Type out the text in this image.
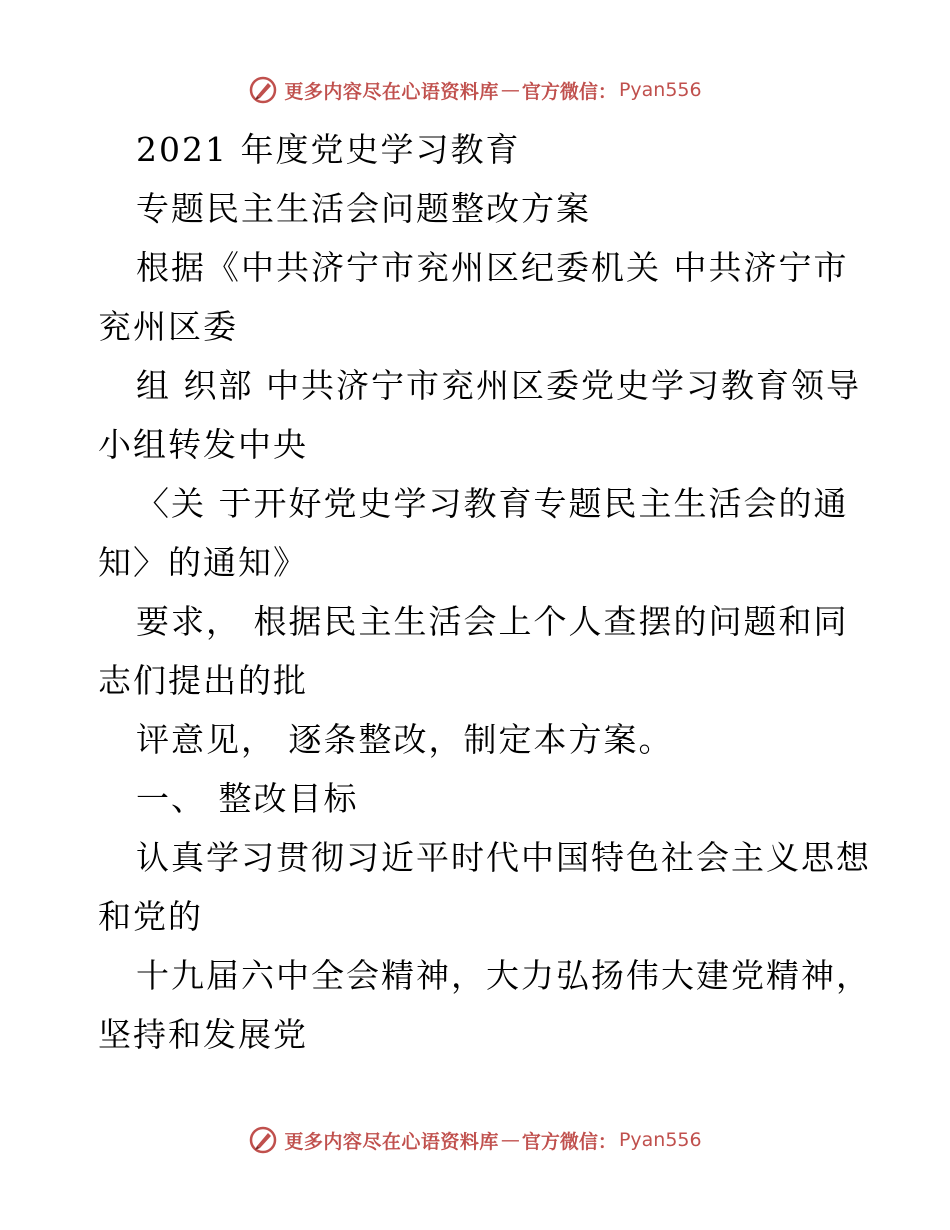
更多内容尽在心语资料库 — 官方微信： Pyan556
2021 年度党史学习教育
专题民主生活会问题整改方案
根据《中共济宁市兖州区纪委机关 中共济宁市
兖州区委
组 织部 中共济宁市兖州区委党史学习教育领导
小组转发中央
〈关 于开好党史学习教育专题民主生活会的通
知〉的通知》
要求， 根据民主生活会上个人查摆的问题和同
志们提出的批
评意见， 逐条整改，制定本方案。
一、 整改目标
认真学习贯彻习近平时代中国特色社会主义思想
和党的
十九届六中全会精神，大力弘扬伟大建党精神，
坚持和发展党
更多内容尽在心语资料库 — 官方微信： Pyan556
